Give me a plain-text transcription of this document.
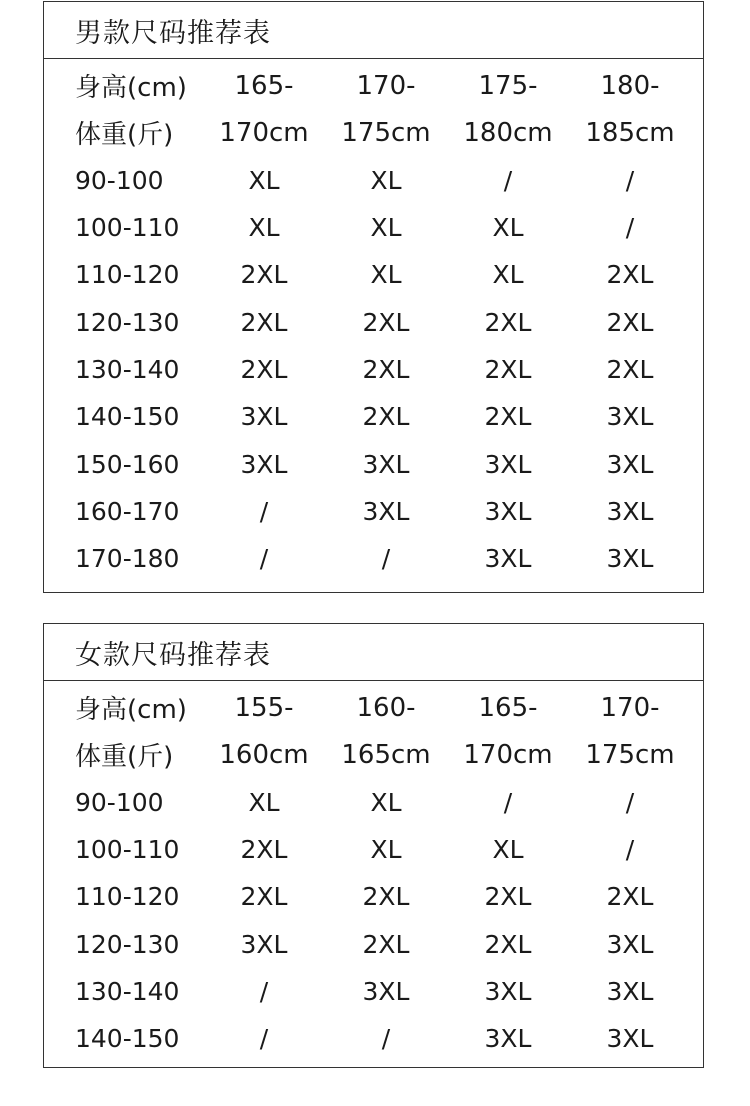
男款尺码推荐表
身高(cm)	165-	170-	175-	180-
体重(斤)	170cm	175cm	180cm	185cm
90-100	XL	XL	/	/
100-110	XL	XL	XL	/
110-120	2XL	XL	XL	2XL
120-130	2XL	2XL	2XL	2XL
130-140	2XL	2XL	2XL	2XL
140-150	3XL	2XL	2XL	3XL
150-160	3XL	3XL	3XL	3XL
160-170	/	3XL	3XL	3XL
170-180	/	/	3XL	3XL
女款尺码推荐表
身高(cm)	155-	160-	165-	170-
体重(斤)	160cm	165cm	170cm	175cm
90-100	XL	XL	/	/
100-110	2XL	XL	XL	/
110-120	2XL	2XL	2XL	2XL
120-130	3XL	2XL	2XL	3XL
130-140	/	3XL	3XL	3XL
140-150	/	/	3XL	3XL
